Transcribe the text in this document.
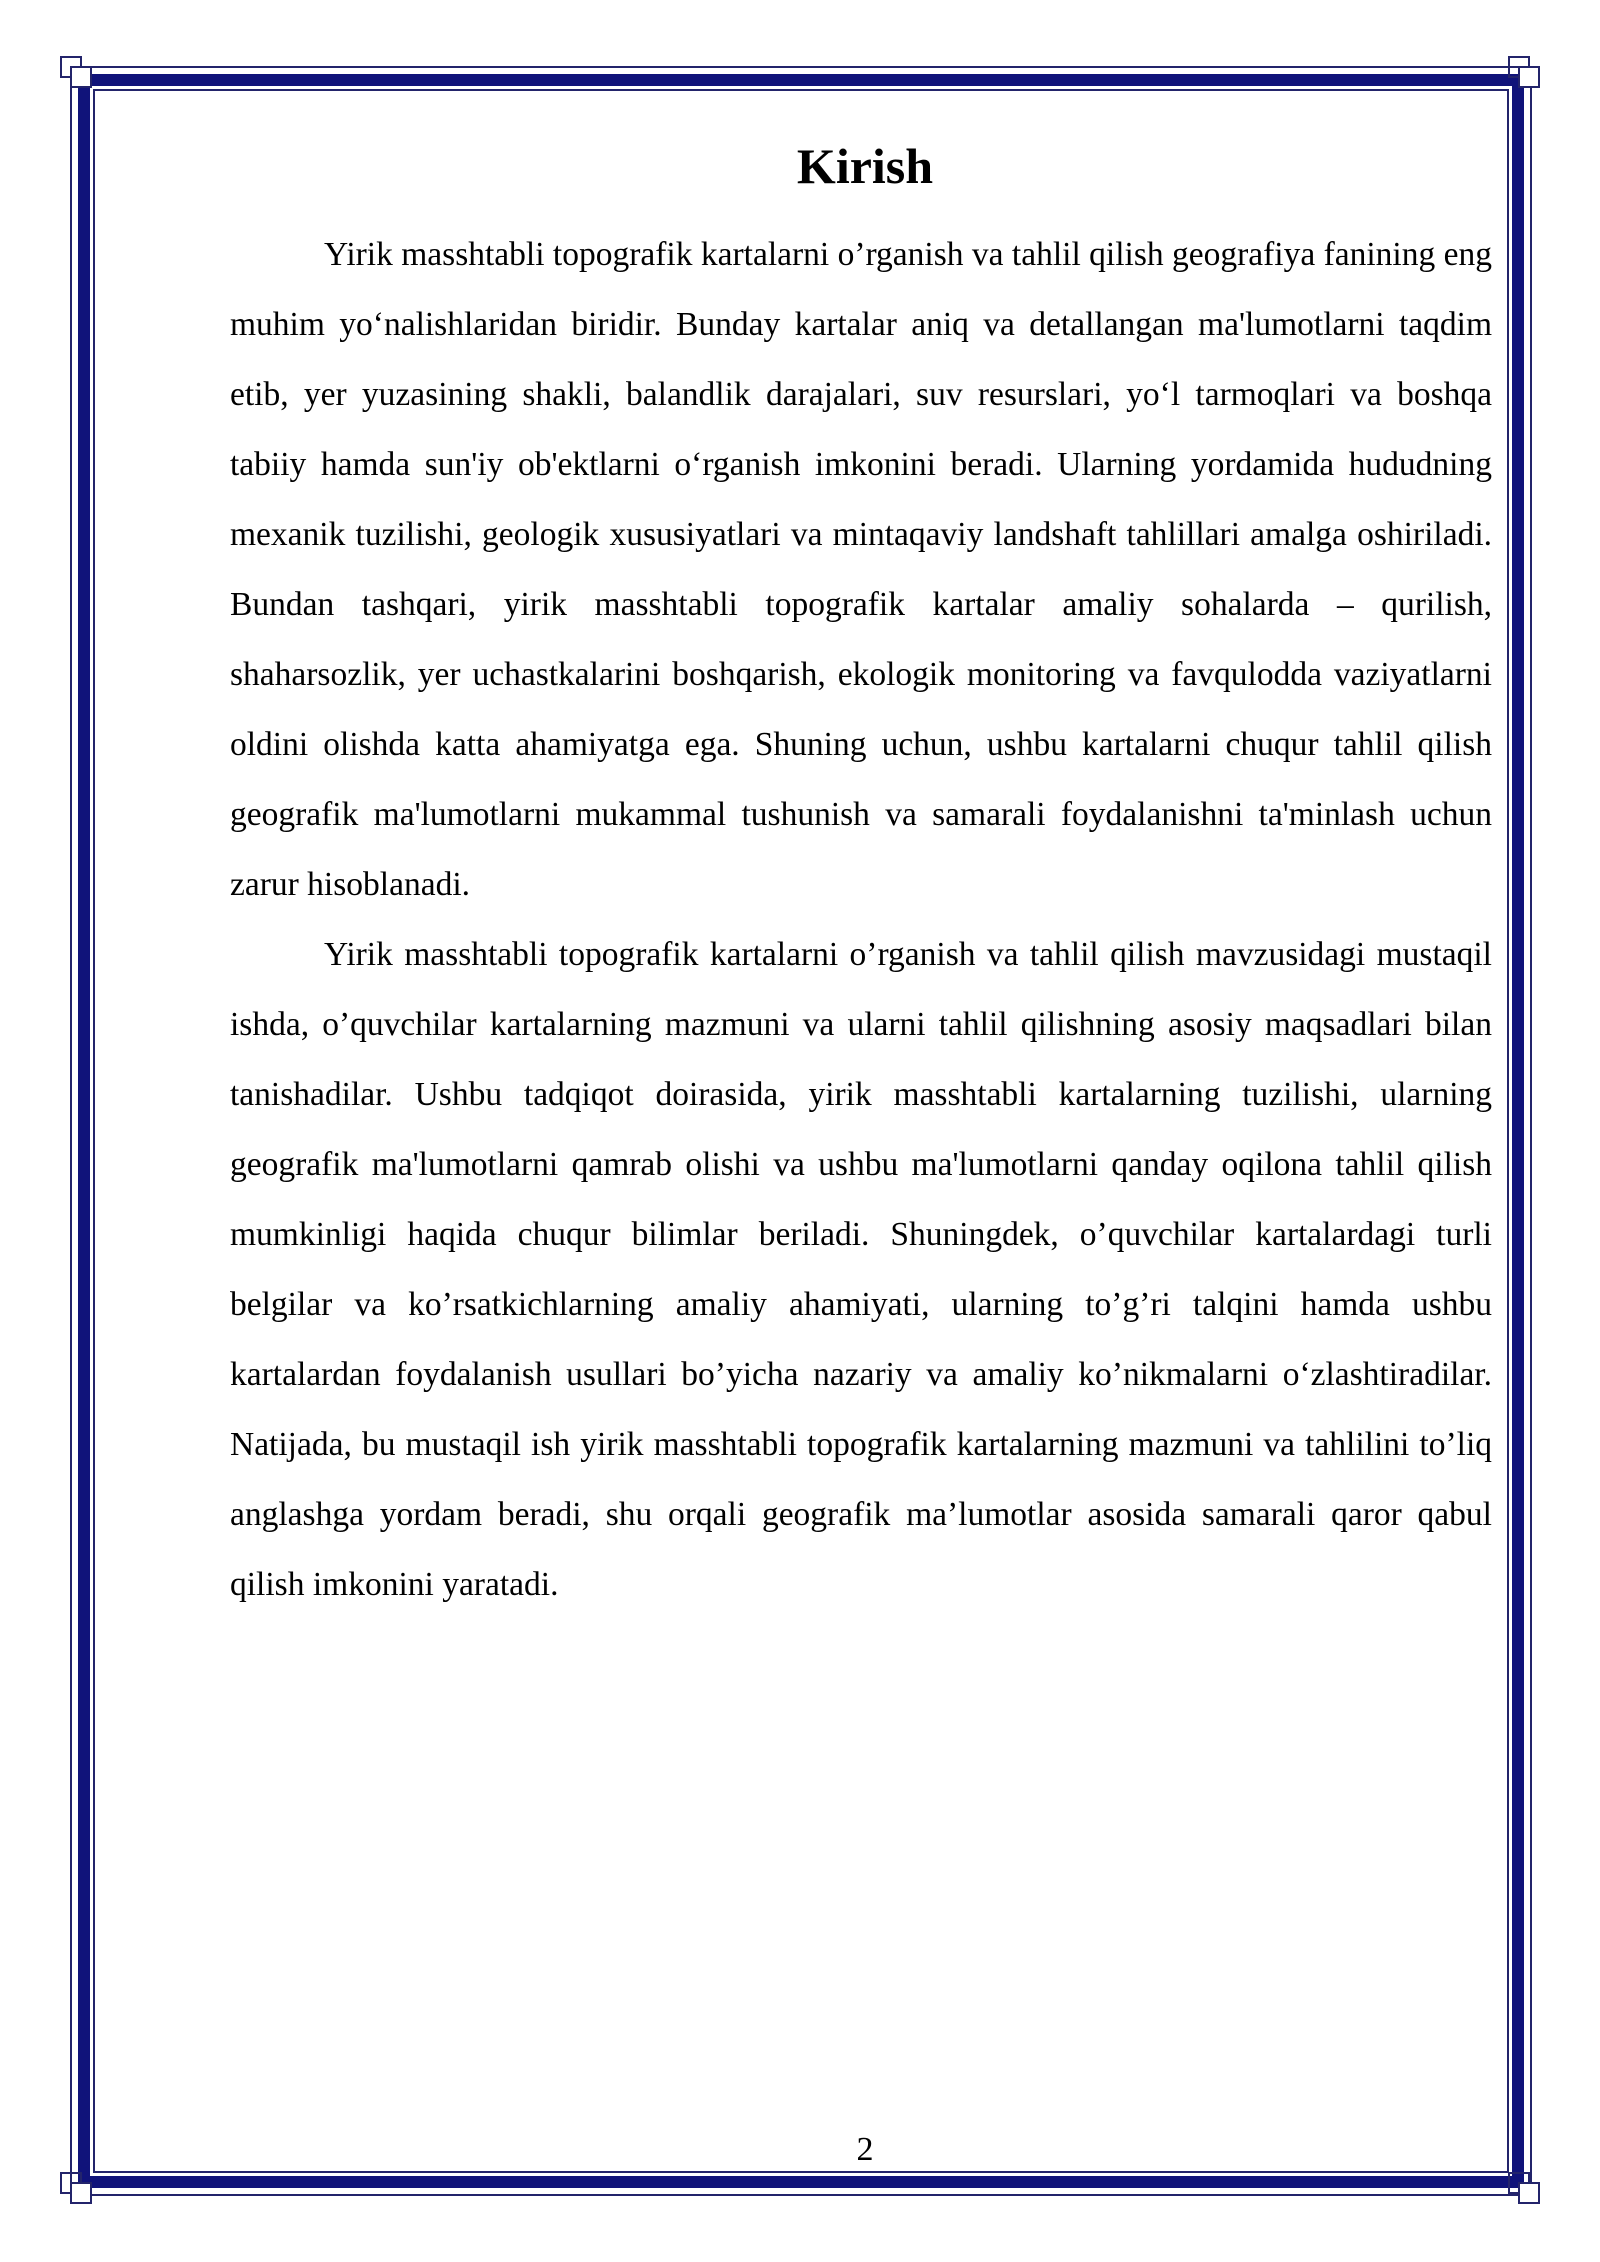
Kirish

Yirik masshtabli topografik kartalarni o’rganish va tahlil qilish geografiya fanining eng muhim yo‘nalishlaridan biridir. Bunday kartalar aniq va detallangan ma'lumotlarni taqdim etib, yer yuzasining shakli, balandlik darajalari, suv resurslari, yo‘l tarmoqlari va boshqa tabiiy hamda sun'iy ob'ektlarni o‘rganish imkonini beradi. Ularning yordamida hududning mexanik tuzilishi, geologik xususiyatlari va mintaqaviy landshaft tahlillari amalga oshiriladi. Bundan tashqari, yirik masshtabli topografik kartalar amaliy sohalarda – qurilish, shaharsozlik, yer uchastkalarini boshqarish, ekologik monitoring va favqulodda vaziyatlarni oldini olishda katta ahamiyatga ega. Shuning uchun, ushbu kartalarni chuqur tahlil qilish geografik ma'lumotlarni mukammal tushunish va samarali foydalanishni ta'minlash uchun zarur hisoblanadi.

Yirik masshtabli topografik kartalarni o’rganish va tahlil qilish mavzusidagi mustaqil ishda, o’quvchilar kartalarning mazmuni va ularni tahlil qilishning asosiy maqsadlari bilan tanishadilar. Ushbu tadqiqot doirasida, yirik masshtabli kartalarning tuzilishi, ularning geografik ma'lumotlarni qamrab olishi va ushbu ma'lumotlarni qanday oqilona tahlil qilish mumkinligi haqida chuqur bilimlar beriladi. Shuningdek, o’quvchilar kartalardagi turli belgilar va ko’rsatkichlarning amaliy ahamiyati, ularning to’g’ri talqini hamda ushbu kartalardan foydalanish usullari bo’yicha nazariy va amaliy ko’nikmalarni o‘zlashtiradilar. Natijada, bu mustaqil ish yirik masshtabli topografik kartalarning mazmuni va tahlilini to’liq anglashga yordam beradi, shu orqali geografik ma’lumotlar asosida samarali qaror qabul qilish imkonini yaratadi.

2
